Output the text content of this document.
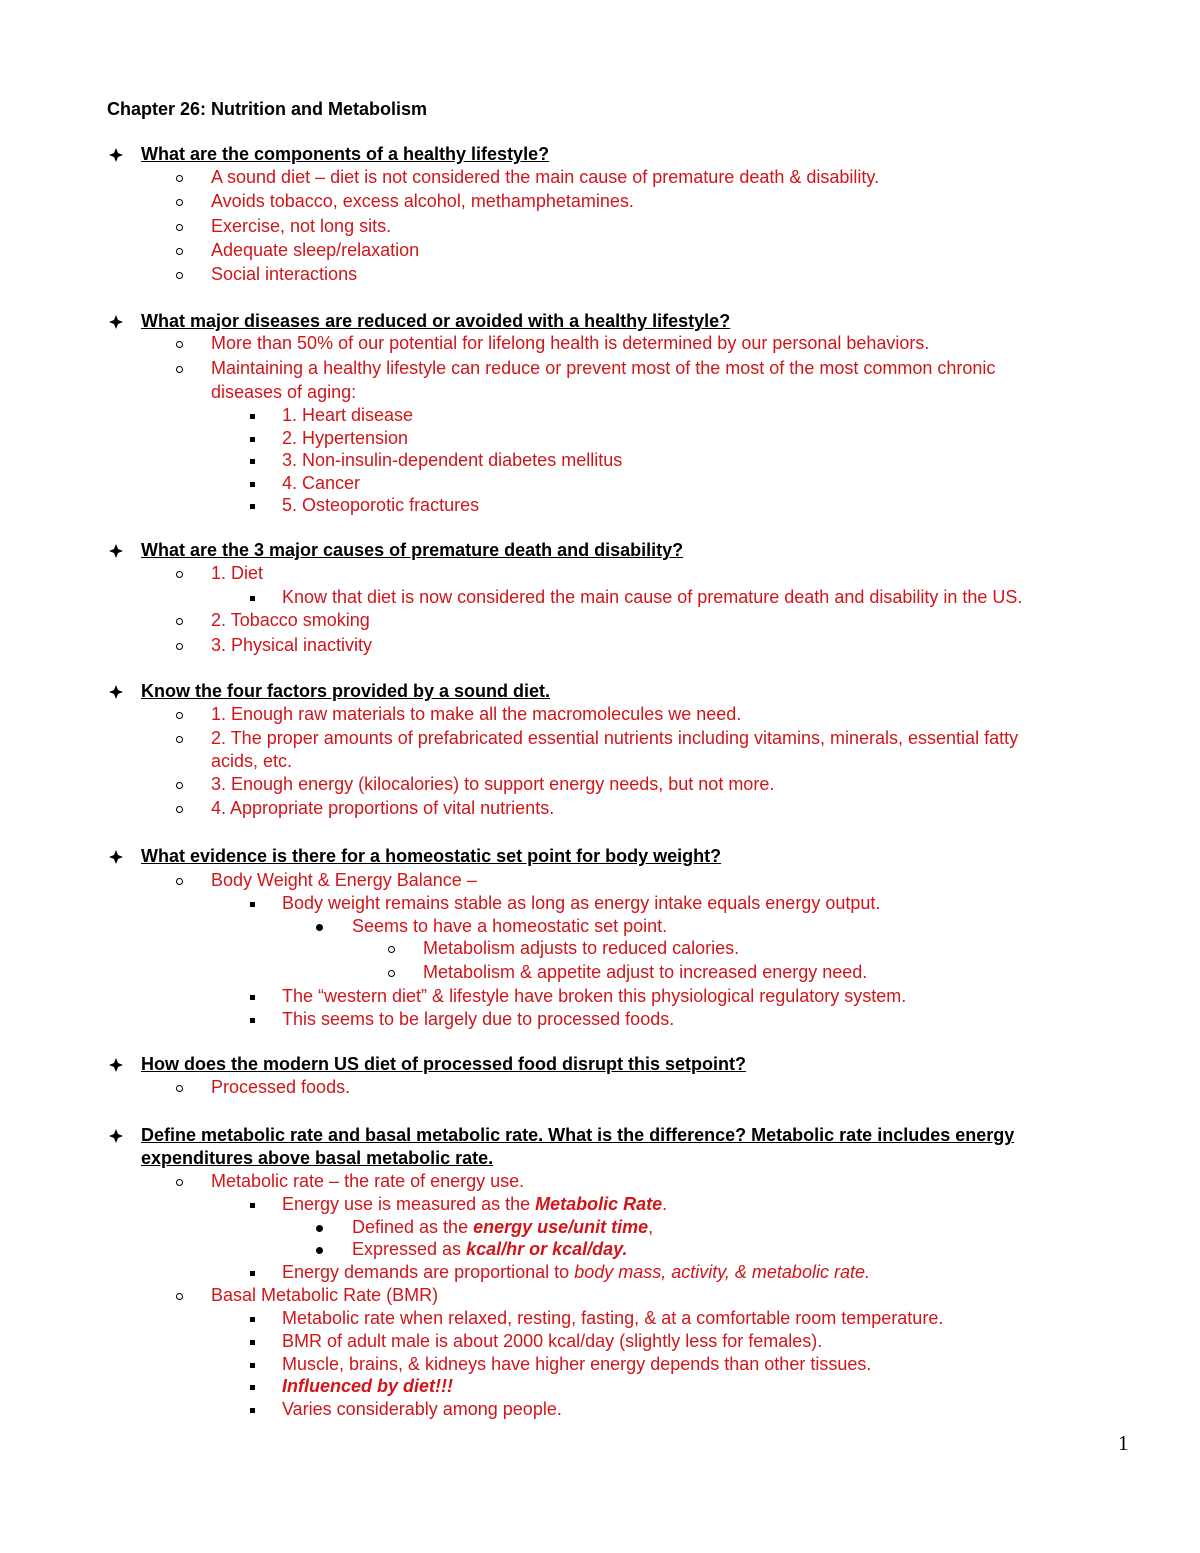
Chapter 26: Nutrition and Metabolism
1
What are the components of a healthy lifestyle?
A sound diet – diet is not considered the main cause of premature death & disability.
Avoids tobacco, excess alcohol, methamphetamines.
Exercise, not long sits.
Adequate sleep/relaxation
Social interactions
What major diseases are reduced or avoided with a healthy lifestyle?
More than 50% of our potential for lifelong health is determined by our personal behaviors.
Maintaining a healthy lifestyle can reduce or prevent most of the most of the most common chronic
diseases of aging:
1. Heart disease
2. Hypertension
3. Non-insulin-dependent diabetes mellitus
4. Cancer
5. Osteoporotic fractures
What are the 3 major causes of premature death and disability?
1. Diet
Know that diet is now considered the main cause of premature death and disability in the US.
2. Tobacco smoking
3. Physical inactivity
Know the four factors provided by a sound diet.
1. Enough raw materials to make all the macromolecules we need.
2. The proper amounts of prefabricated essential nutrients including vitamins, minerals, essential fatty
acids, etc.
3. Enough energy (kilocalories) to support energy needs, but not more.
4. Appropriate proportions of vital nutrients.
What evidence is there for a homeostatic set point for body weight?
Body Weight & Energy Balance –
Body weight remains stable as long as energy intake equals energy output.
Seems to have a homeostatic set point.
Metabolism adjusts to reduced calories.
Metabolism & appetite adjust to increased energy need.
The “western diet” & lifestyle have broken this physiological regulatory system.
This seems to be largely due to processed foods.
How does the modern US diet of processed food disrupt this setpoint?
Processed foods.
Define metabolic rate and basal metabolic rate. What is the difference? Metabolic rate includes energy
expenditures above basal metabolic rate.
Metabolic rate – the rate of energy use.
Energy use is measured as the Metabolic Rate.
Defined as the energy use/unit time,
Expressed as kcal/hr or kcal/day.
Energy demands are proportional to body mass, activity, & metabolic rate.
Basal Metabolic Rate (BMR)
Metabolic rate when relaxed, resting, fasting, & at a comfortable room temperature.
BMR of adult male is about 2000 kcal/day (slightly less for females).
Muscle, brains, & kidneys have higher energy depends than other tissues.
Influenced by diet!!!
Varies considerably among people.
